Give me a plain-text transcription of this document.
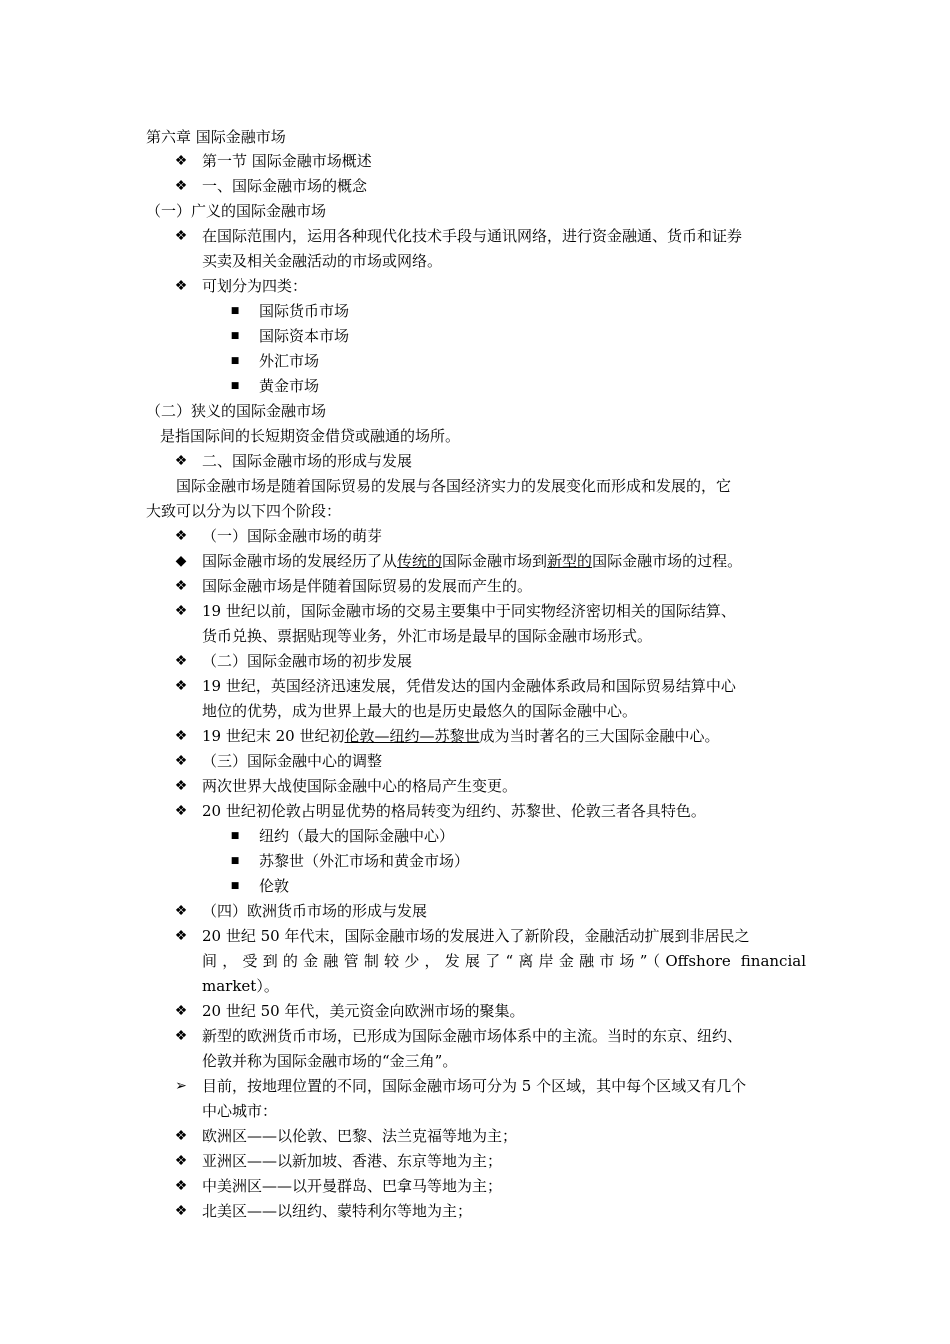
第六章 国际金融市场
❖ 第一节 国际金融市场概述
❖ 一、国际金融市场的概念
（一）广义的国际金融市场
❖ 在国际范围内，运用各种现代化技术手段与通讯网络，进行资金融通、货币和证券
买卖及相关金融活动的市场或网络。
❖ 可划分为四类：
■	国际货币市场
■	国际资本市场
■	外汇市场
■	黄金市场
（二）狭义的国际金融市场
是指国际间的长短期资金借贷或融通的场所。
❖ 二、国际金融市场的形成与发展
国际金融市场是随着国际贸易的发展与各国经济实力的发展变化而形成和发展的，它
大致可以分为以下四个阶段：
❖ （一）国际金融市场的萌芽
◆	国际金融市场的发展经历了从传统的国际金融市场到新型的国际金融市场的过程。
❖ 国际金融市场是伴随着国际贸易的发展而产生的。
❖ 19 世纪以前，国际金融市场的交易主要集中于同实物经济密切相关的国际结算、
货币兑换、票据贴现等业务，外汇市场是最早的国际金融市场形式。
❖ （二）国际金融市场的初步发展
❖ 19 世纪，英国经济迅速发展，凭借发达的国内金融体系政局和国际贸易结算中心
地位的优势，成为世界上最大的也是历史最悠久的国际金融中心。
❖ 19 世纪末 20 世纪初伦敦—纽约—苏黎世成为当时著名的三大国际金融中心。
❖ （三）国际金融中心的调整
❖ 两次世界大战使国际金融中心的格局产生变更。
❖ 20 世纪初伦敦占明显优势的格局转变为纽约、苏黎世、伦敦三者各具特色。
■	纽约（最大的国际金融中心）
■	苏黎世（外汇市场和黄金市场）
■	伦敦
❖ （四）欧洲货币市场的形成与发展
❖ 20 世纪 50 年代末，国际金融市场的发展进入了新阶段，金融活动扩展到非居民之
间，受到的金融管制较少，发展了“离岸金融市场”（Offshore financial
market）。
❖ 20 世纪 50 年代，美元资金向欧洲市场的聚集。
❖ 新型的欧洲货币市场，已形成为国际金融市场体系中的主流。当时的东京、纽约、
伦敦并称为国际金融市场的“金三角”。
➢ 目前，按地理位置的不同，国际金融市场可分为 5 个区域，其中每个区域又有几个
中心城市：
❖ 欧洲区——以伦敦、巴黎、法兰克福等地为主；
❖ 亚洲区——以新加坡、香港、东京等地为主；
❖ 中美洲区——以开曼群岛、巴拿马等地为主；
❖ 北美区——以纽约、蒙特利尔等地为主；
